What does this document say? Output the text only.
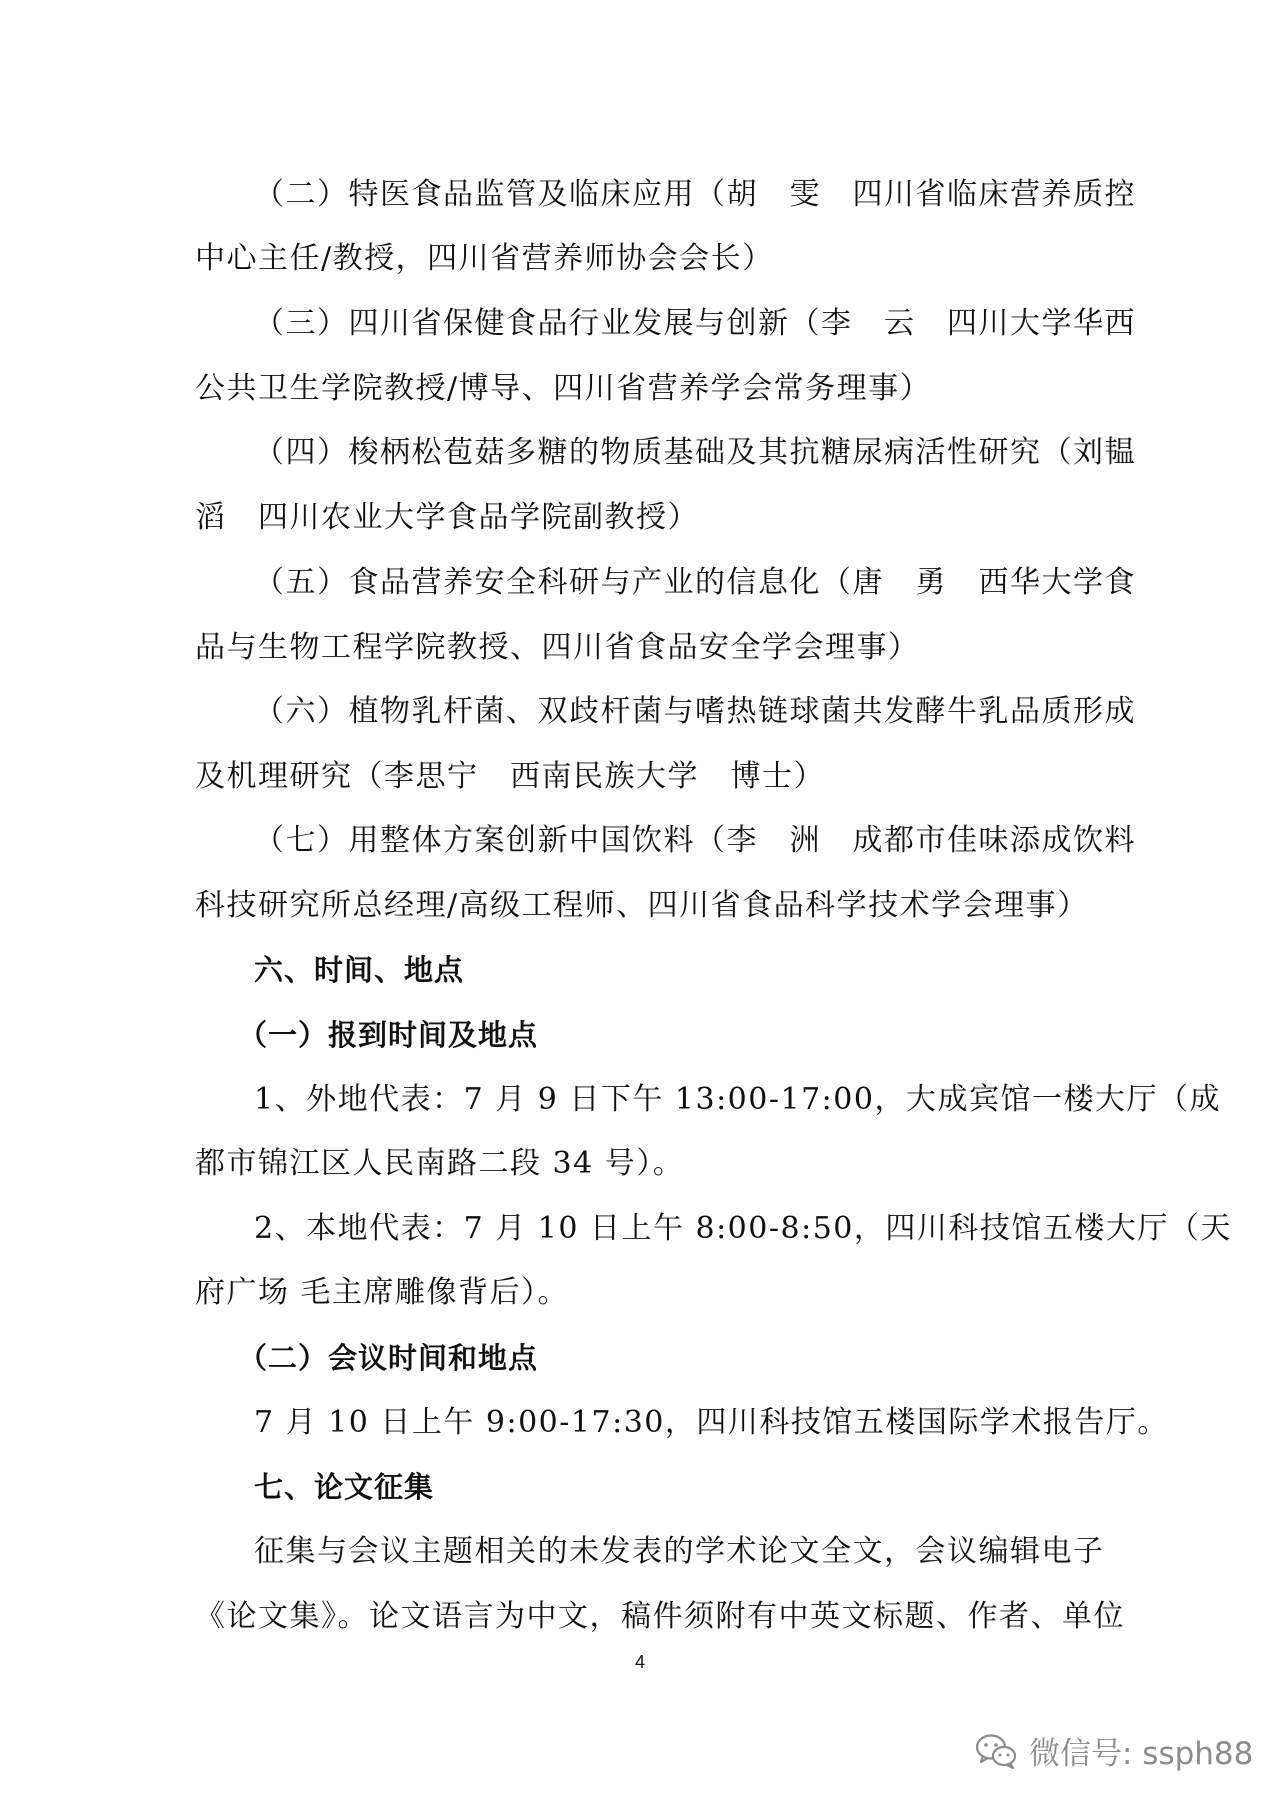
（二）特医食品监管及临床应用（胡　雯　四川省临床营养质控
中心主任/教授，四川省营养师协会会长）
（三）四川省保健食品行业发展与创新（李　云　四川大学华西
公共卫生学院教授/博导、四川省营养学会常务理事）
（四）梭柄松苞菇多糖的物质基础及其抗糖尿病活性研究（刘韫
滔　四川农业大学食品学院副教授）
（五）食品营养安全科研与产业的信息化（唐　勇　西华大学食
品与生物工程学院教授、四川省食品安全学会理事）
（六）植物乳杆菌、双歧杆菌与嗜热链球菌共发酵牛乳品质形成
及机理研究（李思宁　西南民族大学　博士）
（七）用整体方案创新中国饮料（李　洲　成都市佳味添成饮料
科技研究所总经理/高级工程师、四川省食品科学技术学会理事）
六、时间、地点
（一）报到时间及地点
1、外地代表：7 月 9 日下午 13:00-17:00，大成宾馆一楼大厅（成
都市锦江区人民南路二段 34 号）。
2、本地代表：7 月 10 日上午 8:00-8:50，四川科技馆五楼大厅（天
府广场 毛主席雕像背后）。
（二）会议时间和地点
7 月 10 日上午 9:00-17:30，四川科技馆五楼国际学术报告厅。
七、论文征集
征集与会议主题相关的未发表的学术论文全文，会议编辑电子
《论文集》。论文语言为中文，稿件须附有中英文标题、作者、单位
4
微信号: ssph88
